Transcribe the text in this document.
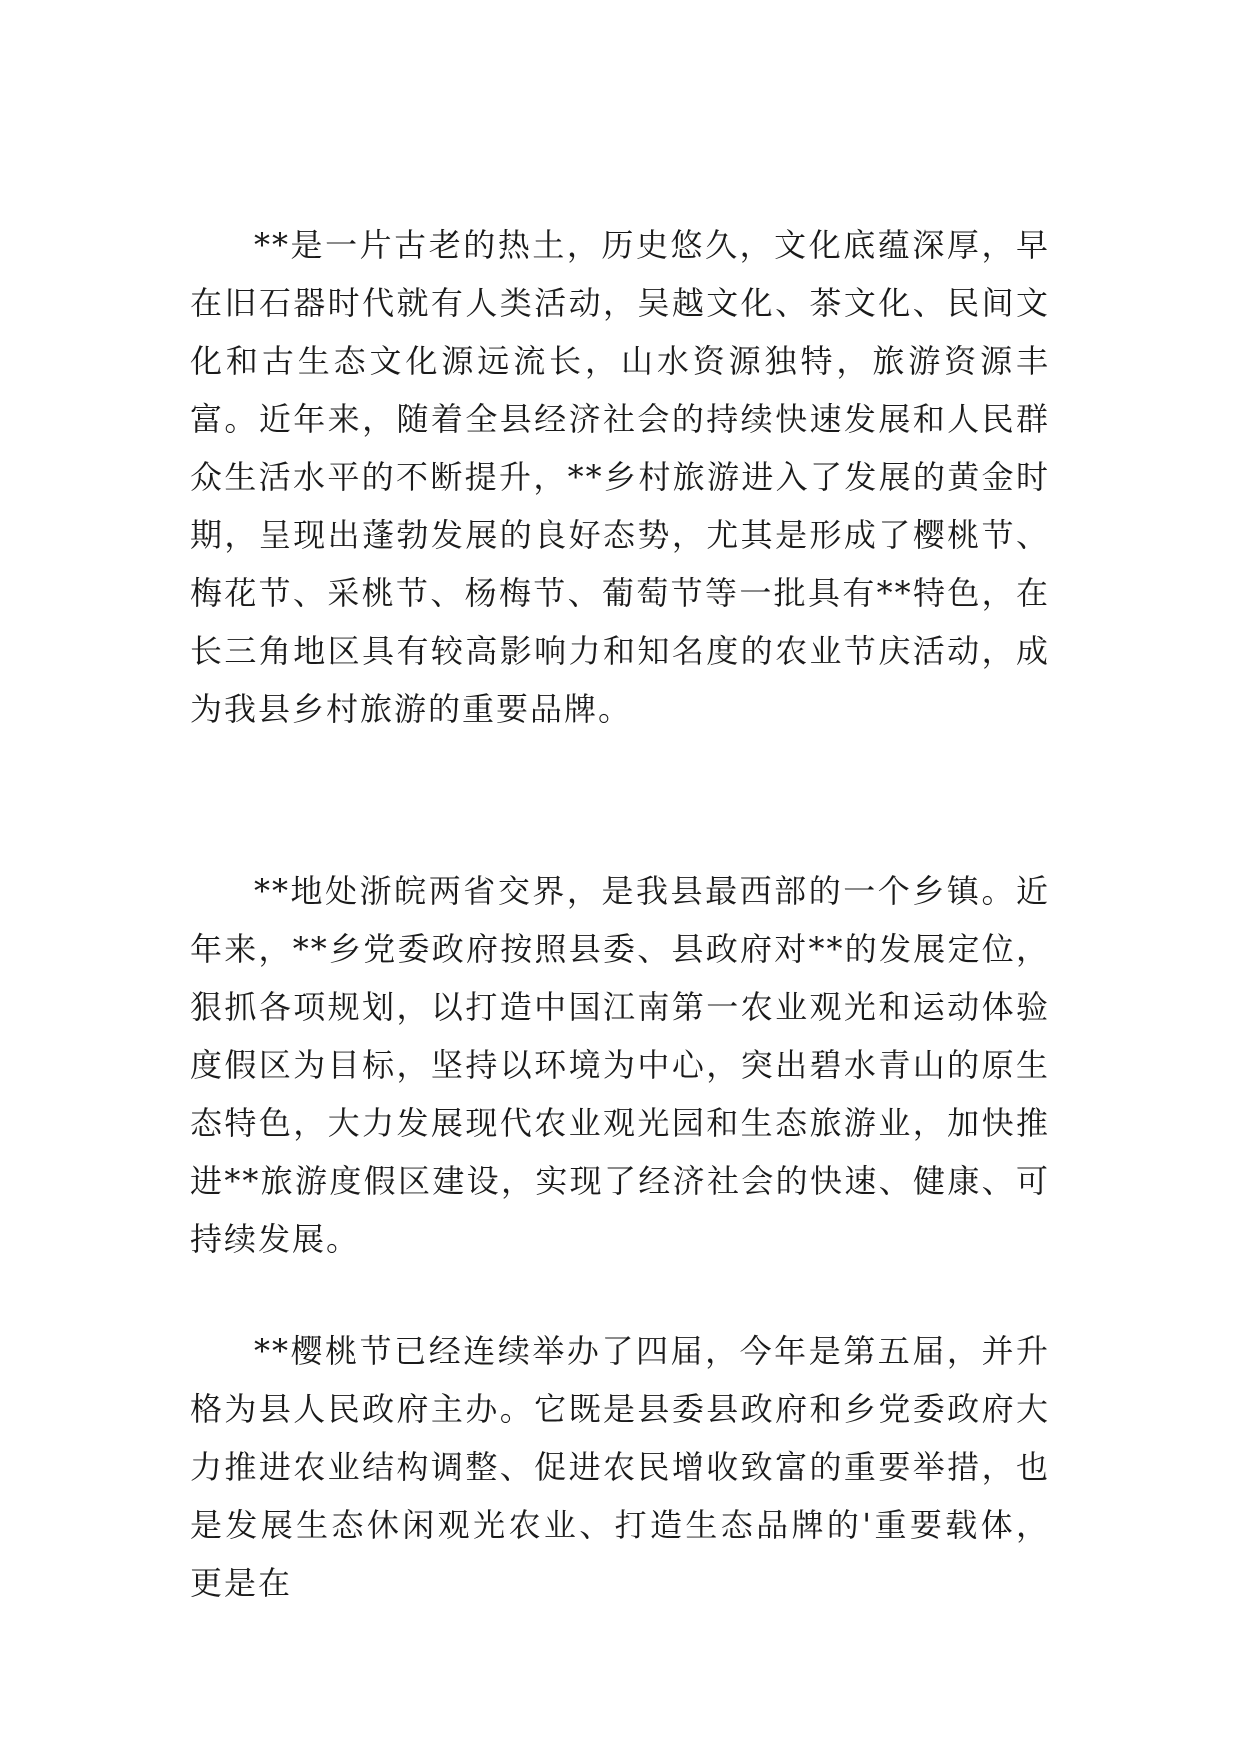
**是一片古老的热土，历史悠久，文化底蕴深厚，早在旧石器时代就有人类活动，吴越文化、茶文化、民间文化和古生态文化源远流长，山水资源独特，旅游资源丰富。近年来，随着全县经济社会的持续快速发展和人民群众生活水平的不断提升，**乡村旅游进入了发展的黄金时期，呈现出蓬勃发展的良好态势，尤其是形成了樱桃节、梅花节、采桃节、杨梅节、葡萄节等一批具有**特色，在长三角地区具有较高影响力和知名度的农业节庆活动，成为我县乡村旅游的重要品牌。

**地处浙皖两省交界，是我县最西部的一个乡镇。近年来，**乡党委政府按照县委、县政府对**的发展定位，狠抓各项规划，以打造中国江南第一农业观光和运动体验度假区为目标，坚持以环境为中心，突出碧水青山的原生态特色，大力发展现代农业观光园和生态旅游业，加快推进**旅游度假区建设，实现了经济社会的快速、健康、可持续发展。

**樱桃节已经连续举办了四届，今年是第五届，并升格为县人民政府主办。它既是县委县政府和乡党委政府大力推进农业结构调整、促进农民增收致富的重要举措，也是发展生态休闲观光农业、打造生态品牌的'重要载体，更是在
